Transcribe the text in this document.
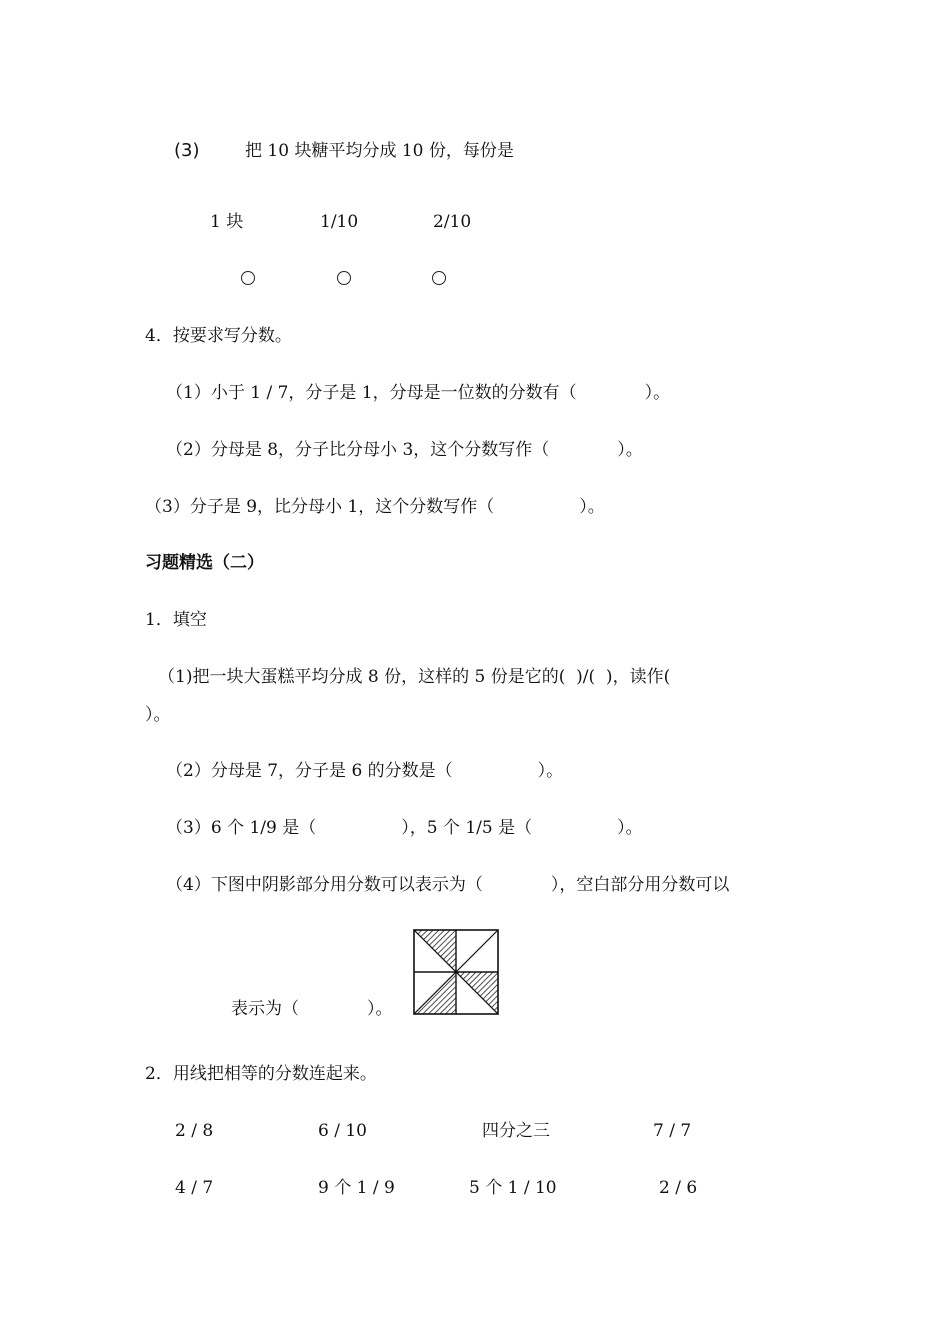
(3)	把 10 块糖平均分成 10 份，每份是
1 块	1/10	2/10
4．按要求写分数。
（1）小于 1 / 7，分子是 1，分母是一位数的分数有（　　　　）。
（2）分母是 8，分子比分母小 3，这个分数写作（　　　　）。
（3）分子是 9，比分母小 1，这个分数写作（　　　　　）。
习题精选（二）
1．填空
（1)把一块大蛋糕平均分成 8 份，这样的 5 份是它的(  )/(  )，读作(
）。
（2）分母是 7，分子是 6 的分数是（　　　　　）。
（3）6 个 1/9 是（　　　　　），5 个 1/5 是（　　　　　）。
（4）下图中阴影部分用分数可以表示为（　　　　），空白部分用分数可以
表示为（　　　　）。
2．用线把相等的分数连起来。
2 / 8	6 / 10	四分之三	7 / 7
4 / 7	9 个 1 / 9	5 个 1 / 10	2 / 6
